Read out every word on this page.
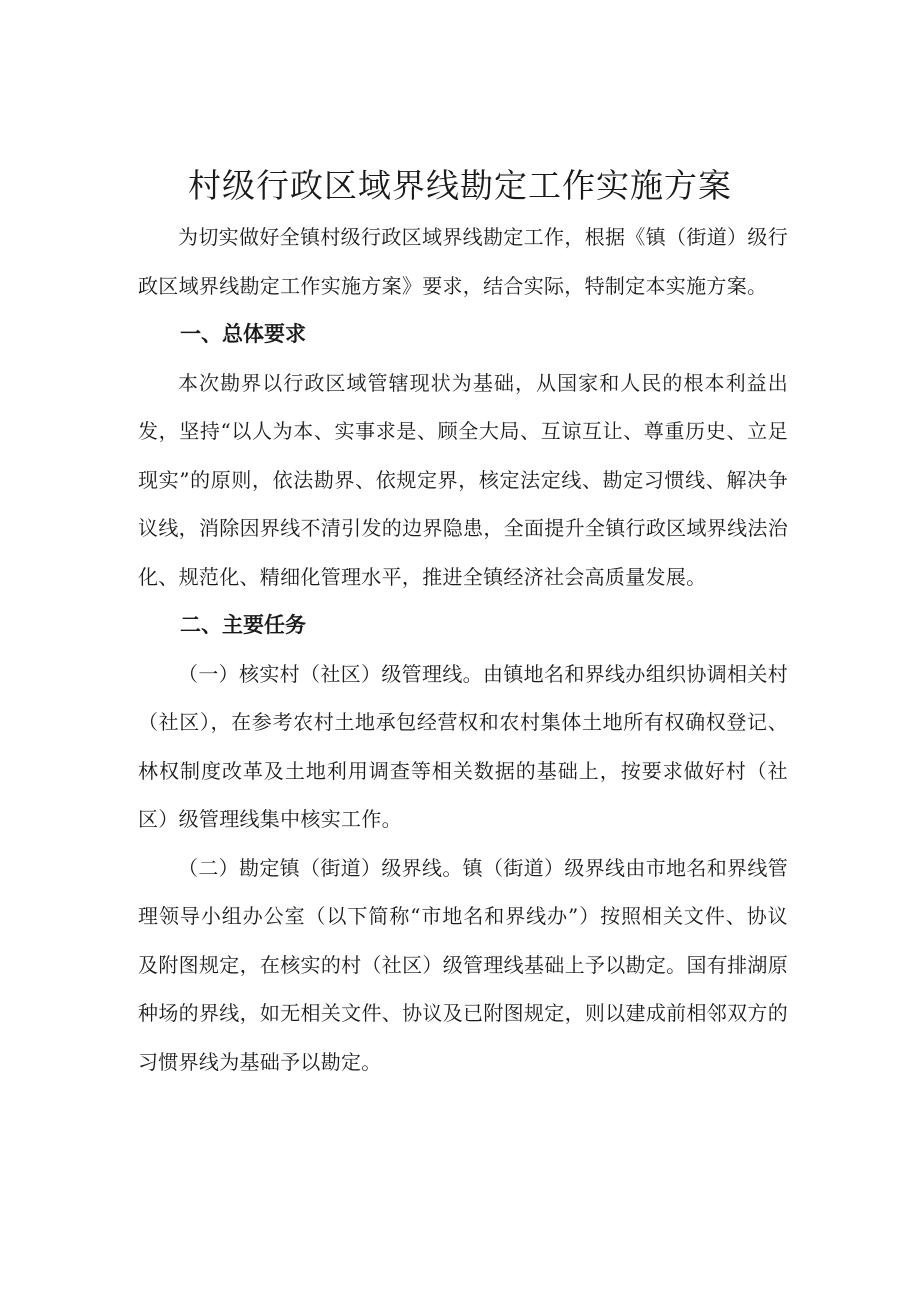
村级行政区域界线勘定工作实施方案

为切实做好全镇村级行政区域界线勘定工作，根据《镇（街道）级行政区域界线勘定工作实施方案》要求，结合实际，特制定本实施方案。

一、总体要求

本次勘界以行政区域管辖现状为基础，从国家和人民的根本利益出发，坚持“以人为本、实事求是、顾全大局、互谅互让、尊重历史、立足现实”的原则，依法勘界、依规定界，核定法定线、勘定习惯线、解决争议线，消除因界线不清引发的边界隐患，全面提升全镇行政区域界线法治化、规范化、精细化管理水平，推进全镇经济社会高质量发展。

二、主要任务

（一）核实村（社区）级管理线。由镇地名和界线办组织协调相关村（社区），在参考农村土地承包经营权和农村集体土地所有权确权登记、林权制度改革及土地利用调查等相关数据的基础上，按要求做好村（社区）级管理线集中核实工作。

（二）勘定镇（街道）级界线。镇（街道）级界线由市地名和界线管理领导小组办公室（以下简称“市地名和界线办”）按照相关文件、协议及附图规定，在核实的村（社区）级管理线基础上予以勘定。国有排湖原种场的界线，如无相关文件、协议及已附图规定，则以建成前相邻双方的习惯界线为基础予以勘定。
